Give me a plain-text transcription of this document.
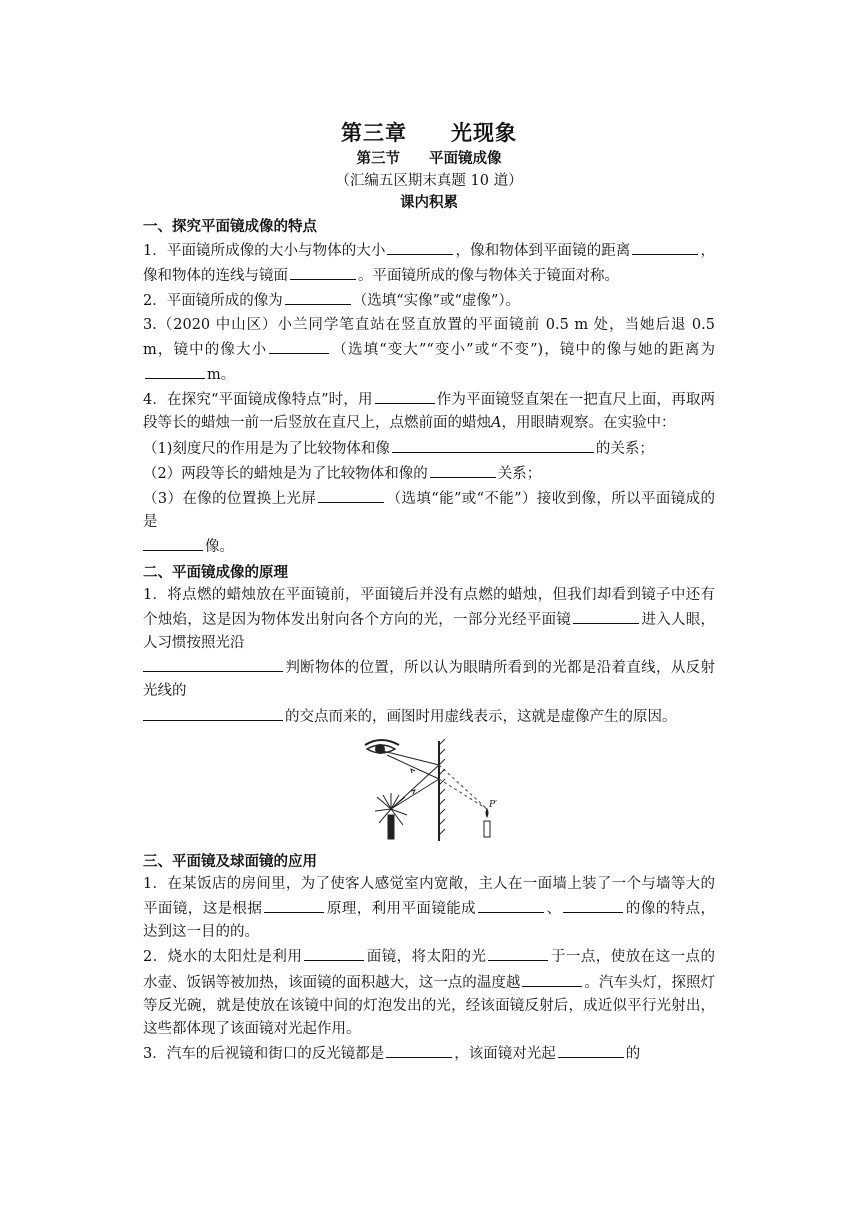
第三章　　光现象
第三节　　平面镜成像
（汇编五区期末真题 10 道）
课内积累
一、探究平面镜成像的特点

1．平面镜所成像的大小与物体的大小	，像和物体到平面镜的距离	，像和物体的连线与镜面	。平面镜所成的像与物体关于镜面对称。

2．平面镜所成的像为	（选填“实像”或“虚像”）。

3.（2020 中山区）小兰同学笔直站在竖直放置的平面镜前 0.5 m 处，当她后退 0.5 m，镜中的像大小	（选填“变大”“变小”或“不变”)，镜中的像与她的距离为m。

4．在探究“平面镜成像特点”时，用	作为平面镜竖直架在一把直尺上面，再取两段等长的蜡烛一前一后竖放在直尺上，点燃前面的蜡烛A，用眼睛观察。在实验中：

（1)刻度尺的作用是为了比较物体和像	的关系；

（2）两段等长的蜡烛是为了比较物体和像的	关系；

（3）在像的位置换上光屏	（选填“能”或“不能”）接收到像，所以平面镜成的是
像。

二、平面镜成像的原理

1．将点燃的蜡烛放在平面镜前，平面镜后并没有点燃的蜡烛，但我们却看到镜子中还有个烛焰，这是因为物体发出射向各个方向的光，一部分光经平面镜	进入人眼，人习惯按照光沿
判断物体的位置，所以认为眼睛所看到的光都是沿着直线，从反射光线的
的交点而来的，画图时用虚线表示，这就是虚像产生的原因。

P′
三、平面镜及球面镜的应用

1．在某饭店的房间里，为了使客人感觉室内宽敞，主人在一面墙上装了一个与墙等大的平面镜，这是根据	原理，利用平面镜能成	、	的像的特点，达到这一目的的。

2．烧水的太阳灶是利用	面镜，将太阳的光	于一点，使放在这一点的水壶、饭锅等被加热，该面镜的面积越大，这一点的温度越	。汽车头灯，探照灯等反光碗，就是使放在该镜中间的灯泡发出的光，经该面镜反射后，成近似平行光射出，这些都体现了该面镜对光起作用。

3．汽车的后视镜和街口的反光镜都是	，该面镜对光起	的
